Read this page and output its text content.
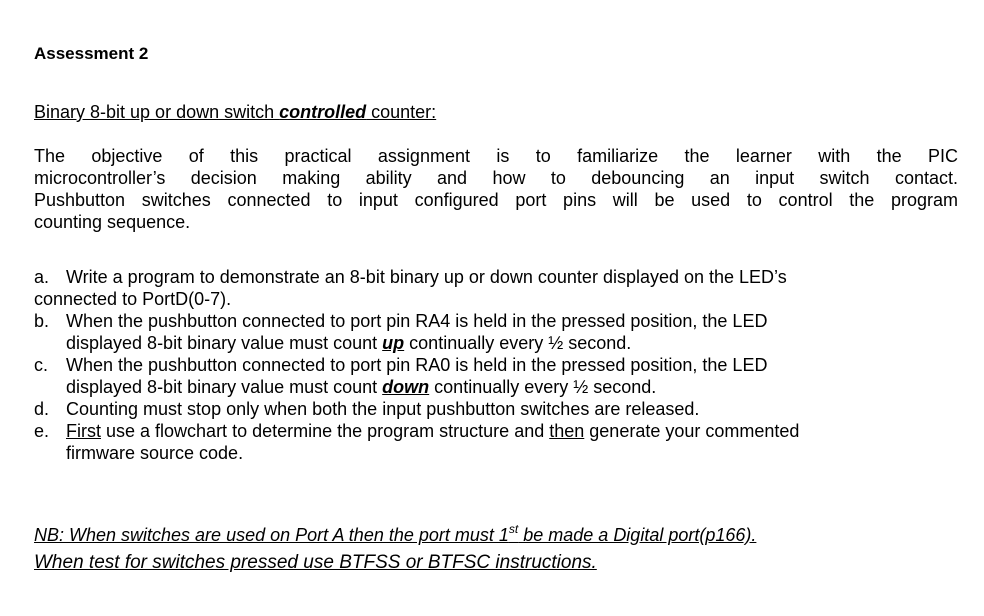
Assessment 2
Binary 8-bit up or down switch controlled counter:
The objective of this practical assignment is to familiarize the learner with the PIC
microcontroller’s decision making ability and how to debouncing an input switch contact.
Pushbutton switches connected to input configured port pins will be used to control the program
counting sequence.
a. Write a program to demonstrate an 8-bit binary up or down counter displayed on the LED’s
connected to PortD(0-7).
b. When the pushbutton connected to port pin RA4 is held in the pressed position, the LED
displayed 8-bit binary value must count up continually every ½ second.
c. When the pushbutton connected to port pin RA0 is held in the pressed position, the LED
displayed 8-bit binary value must count down continually every ½ second.
d. Counting must stop only when both the input pushbutton switches are released.
e. First use a flowchart to determine the program structure and then generate your commented
firmware source code.
NB: When switches are used on Port A then the port must 1st be made a Digital port(p166).
When test for switches pressed use BTFSS or BTFSC instructions.
